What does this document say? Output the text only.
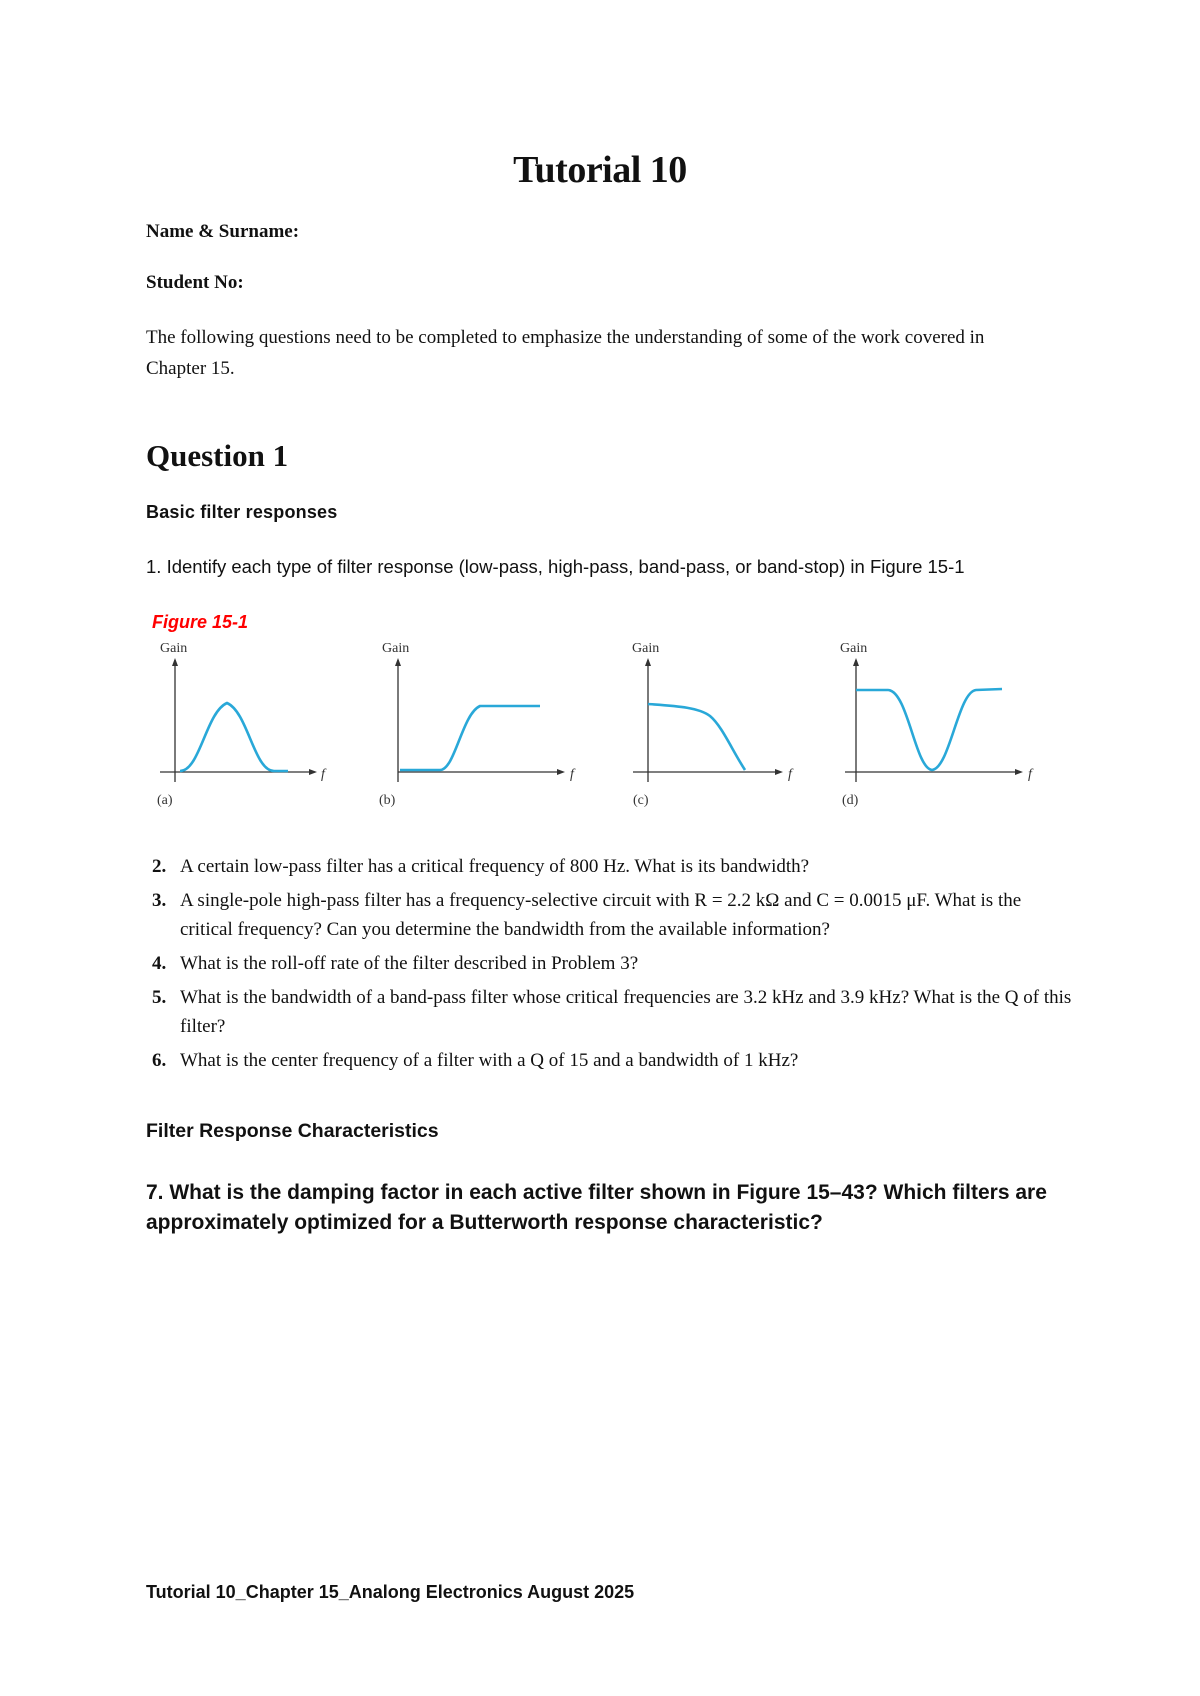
Tutorial 10
Name & Surname:
Student No:
The following questions need to be completed to emphasize the understanding of some of the work covered in Chapter 15.
Question 1
Basic filter responses
1. Identify each type of filter response (low-pass, high-pass, band-pass, or band-stop) in Figure 15-1
Figure 15-1
Gain
f
(a)
Gain
f
(b)
Gain
f
(c)
Gain
f
(d)
2. A certain low-pass filter has a critical frequency of 800 Hz. What is its bandwidth?
3. A single-pole high-pass filter has a frequency-selective circuit with R = 2.2 kΩ and C = 0.0015 μF. What is the critical frequency? Can you determine the bandwidth from the available information?
4. What is the roll-off rate of the filter described in Problem 3?
5. What is the bandwidth of a band-pass filter whose critical frequencies are 3.2 kHz and 3.9 kHz? What is the Q of this filter?
6. What is the center frequency of a filter with a Q of 15 and a bandwidth of 1 kHz?
Filter Response Characteristics
7. What is the damping factor in each active filter shown in Figure 15–43? Which filters are approximately optimized for a Butterworth response characteristic?
Tutorial 10_Chapter 15_Analong Electronics August 2025
